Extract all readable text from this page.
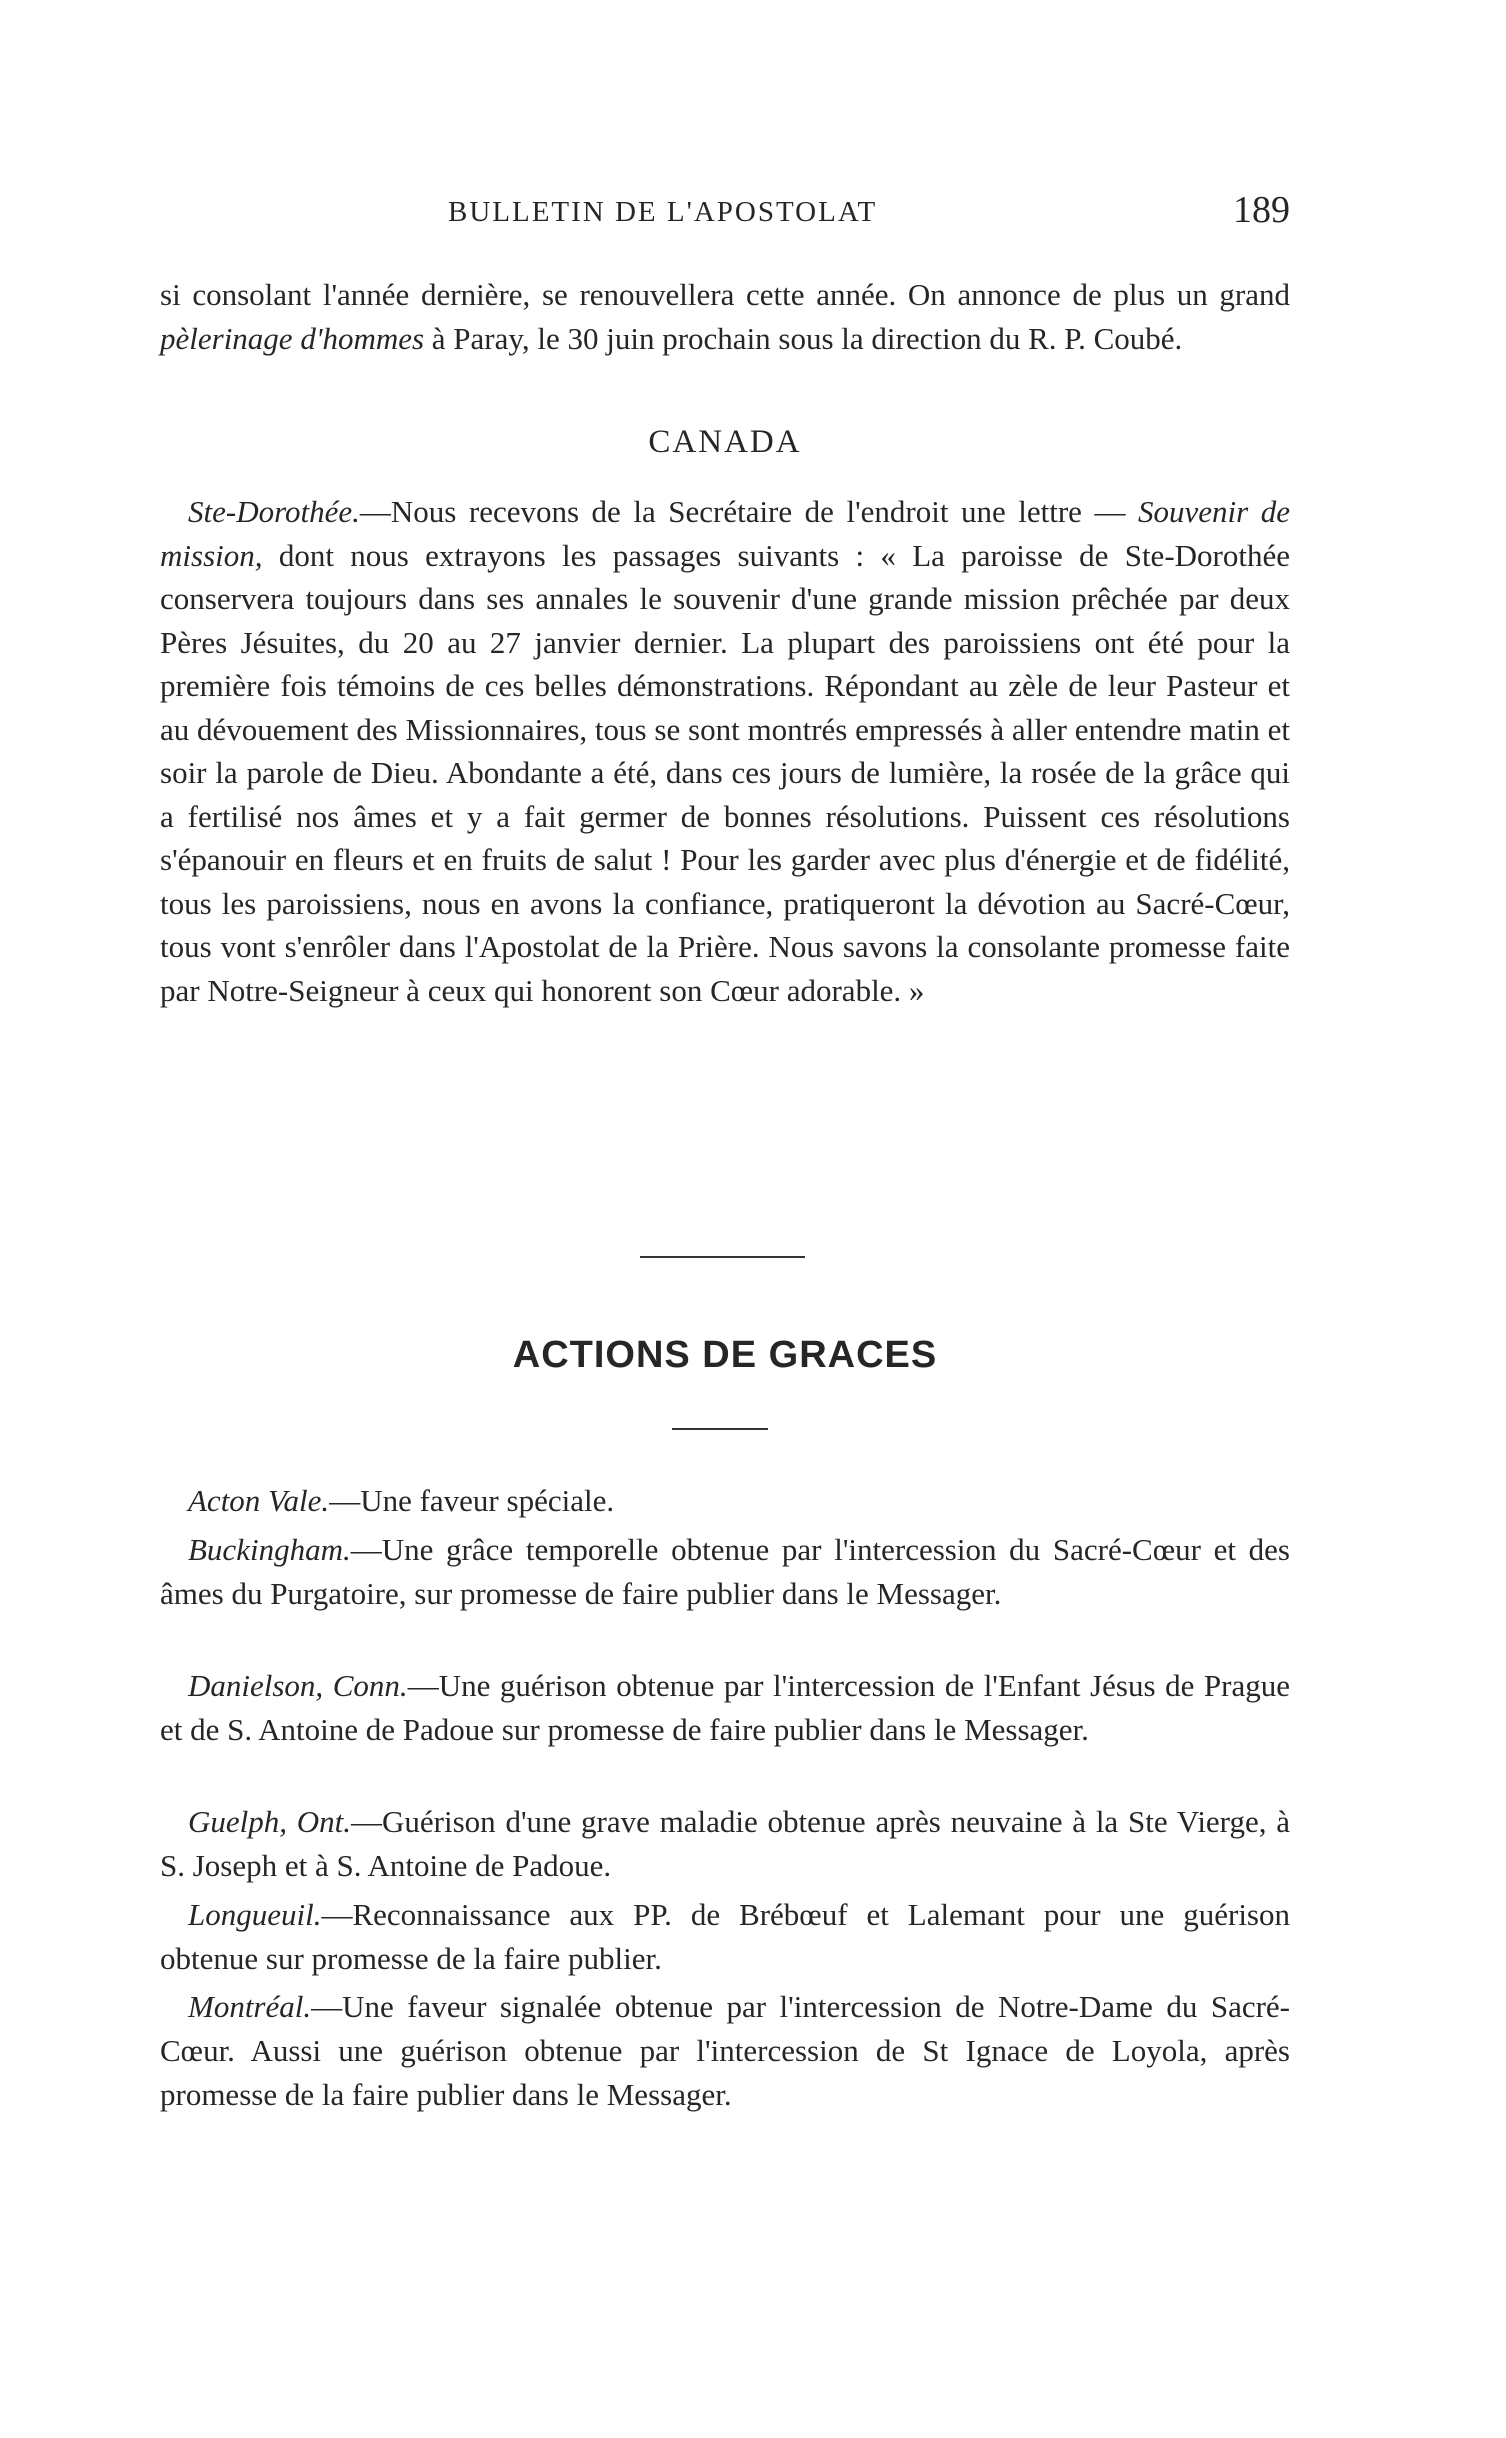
BULLETIN DE L'APOSTOLAT	189
si consolant l'année dernière, se renouvellera cette année. On annonce de plus un grand pèlerinage d'hommes à Paray, le 30 juin prochain sous la direction du R. P. Coubé.
CANADA
Ste-Dorothée.—Nous recevons de la Secrétaire de l'endroit une lettre — Souvenir de mission, dont nous extrayons les passages suivants : « La paroisse de Ste-Dorothée conservera toujours dans ses annales le souvenir d'une grande mission prêchée par deux Pères Jésuites, du 20 au 27 janvier dernier. La plupart des paroissiens ont été pour la première fois témoins de ces belles démonstrations. Répondant au zèle de leur Pasteur et au dévouement des Missionnaires, tous se sont montrés empressés à aller entendre matin et soir la parole de Dieu. Abondante a été, dans ces jours de lumière, la rosée de la grâce qui a fertilisé nos âmes et y a fait germer de bonnes résolutions. Puissent ces résolutions s'épanouir en fleurs et en fruits de salut ! Pour les garder avec plus d'énergie et de fidélité, tous les paroissiens, nous en avons la confiance, pratiqueront la dévotion au Sacré-Cœur, tous vont s'enrôler dans l'Apostolat de la Prière. Nous savons la consolante promesse faite par Notre-Seigneur à ceux qui honorent son Cœur adorable. »
ACTIONS DE GRACES
Acton Vale.—Une faveur spéciale.
Buckingham.—Une grâce temporelle obtenue par l'intercession du Sacré-Cœur et des âmes du Purgatoire, sur promesse de faire publier dans le Messager.
Danielson, Conn.—Une guérison obtenue par l'intercession de l'Enfant Jésus de Prague et de S. Antoine de Padoue sur promesse de faire publier dans le Messager.
Guelph, Ont.—Guérison d'une grave maladie obtenue après neuvaine à la Ste Vierge, à S. Joseph et à S. Antoine de Padoue.
Longueuil.—Reconnaissance aux PP. de Brébœuf et Lalemant pour une guérison obtenue sur promesse de la faire publier.
Montréal.—Une faveur signalée obtenue par l'intercession de Notre-Dame du Sacré-Cœur. Aussi une guérison obtenue par l'intercession de St Ignace de Loyola, après promesse de la faire publier dans le Messager.
